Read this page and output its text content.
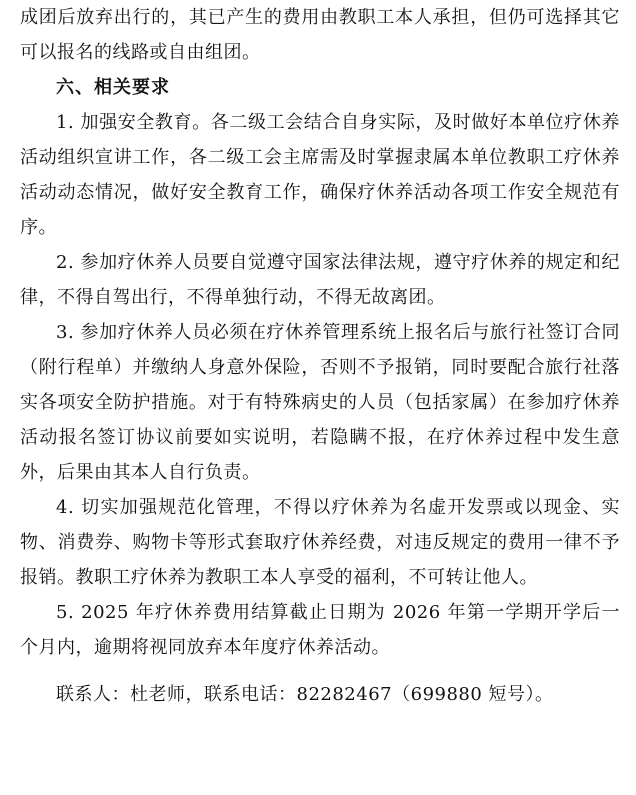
成团后放弃出行的，其已产生的费用由教职工本人承担，但仍可选择其它可以报名的线路或自由组团。

六、相关要求

1. 加强安全教育。各二级工会结合自身实际，及时做好本单位疗休养活动组织宣讲工作，各二级工会主席需及时掌握隶属本单位教职工疗休养活动动态情况，做好安全教育工作，确保疗休养活动各项工作安全规范有序。

2. 参加疗休养人员要自觉遵守国家法律法规，遵守疗休养的规定和纪律，不得自驾出行，不得单独行动，不得无故离团。

3. 参加疗休养人员必须在疗休养管理系统上报名后与旅行社签订合同（附行程单）并缴纳人身意外保险，否则不予报销，同时要配合旅行社落实各项安全防护措施。对于有特殊病史的人员（包括家属）在参加疗休养活动报名签订协议前要如实说明，若隐瞒不报，在疗休养过程中发生意外，后果由其本人自行负责。

4. 切实加强规范化管理，不得以疗休养为名虚开发票或以现金、实物、消费券、购物卡等形式套取疗休养经费，对违反规定的费用一律不予报销。教职工疗休养为教职工本人享受的福利，不可转让他人。

5. 2025 年疗休养费用结算截止日期为 2026 年第一学期开学后一个月内，逾期将视同放弃本年度疗休养活动。

联系人：杜老师，联系电话：82282467（699880 短号）。
